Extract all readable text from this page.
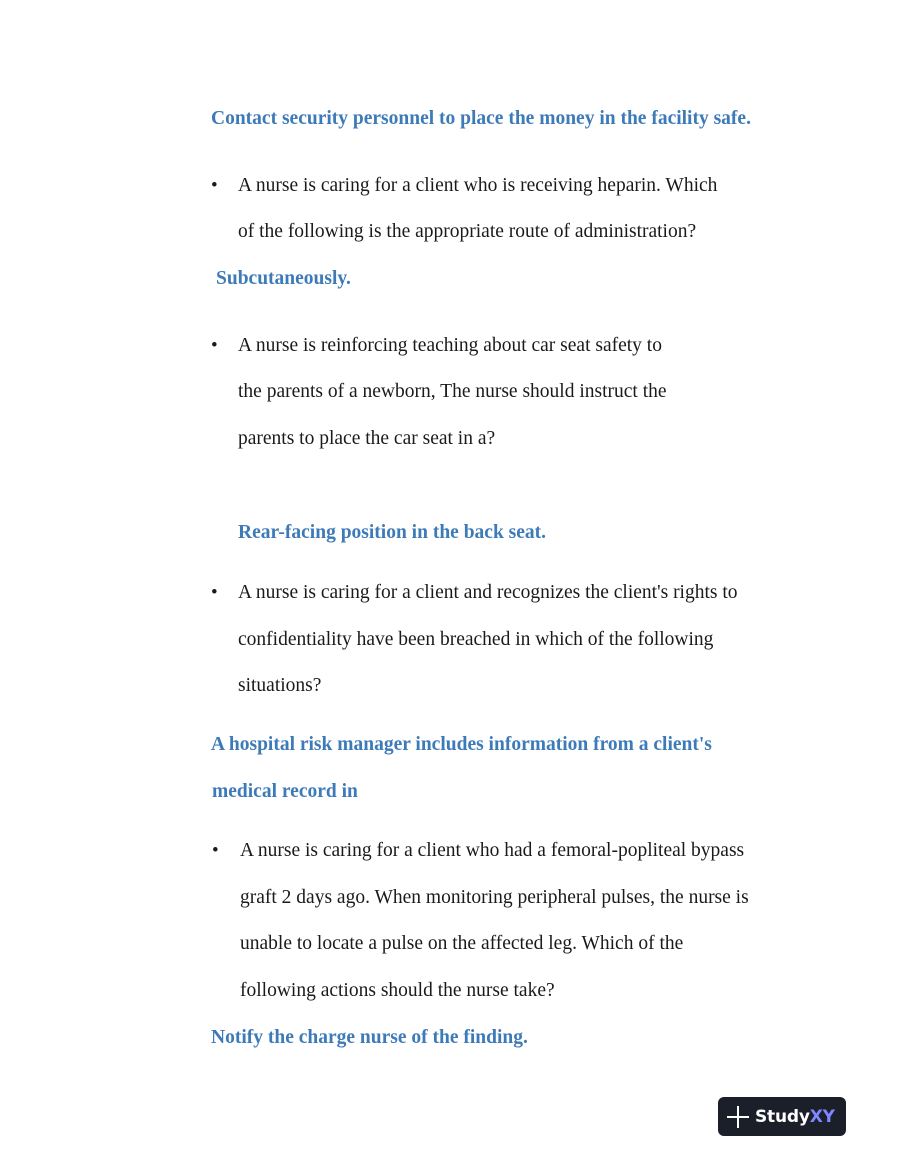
Contact security personnel to place the money in the facility safe.
• A nurse is caring for a client who is receiving heparin. Which
of the following is the appropriate route of administration?
Subcutaneously.
• A nurse is reinforcing teaching about car seat safety to
the parents of a newborn, The nurse should instruct the
parents to place the car seat in a?
Rear-facing position in the back seat.
• A nurse is caring for a client and recognizes the client's rights to
confidentiality have been breached in which of the following
situations?
A hospital risk manager includes information from a client's
medical record in
• A nurse is caring for a client who had a femoral-popliteal bypass
graft 2 days ago. When monitoring peripheral pulses, the nurse is
unable to locate a pulse on the affected leg. Which of the
following actions should the nurse take?
Notify the charge nurse of the finding.
StudyXY
